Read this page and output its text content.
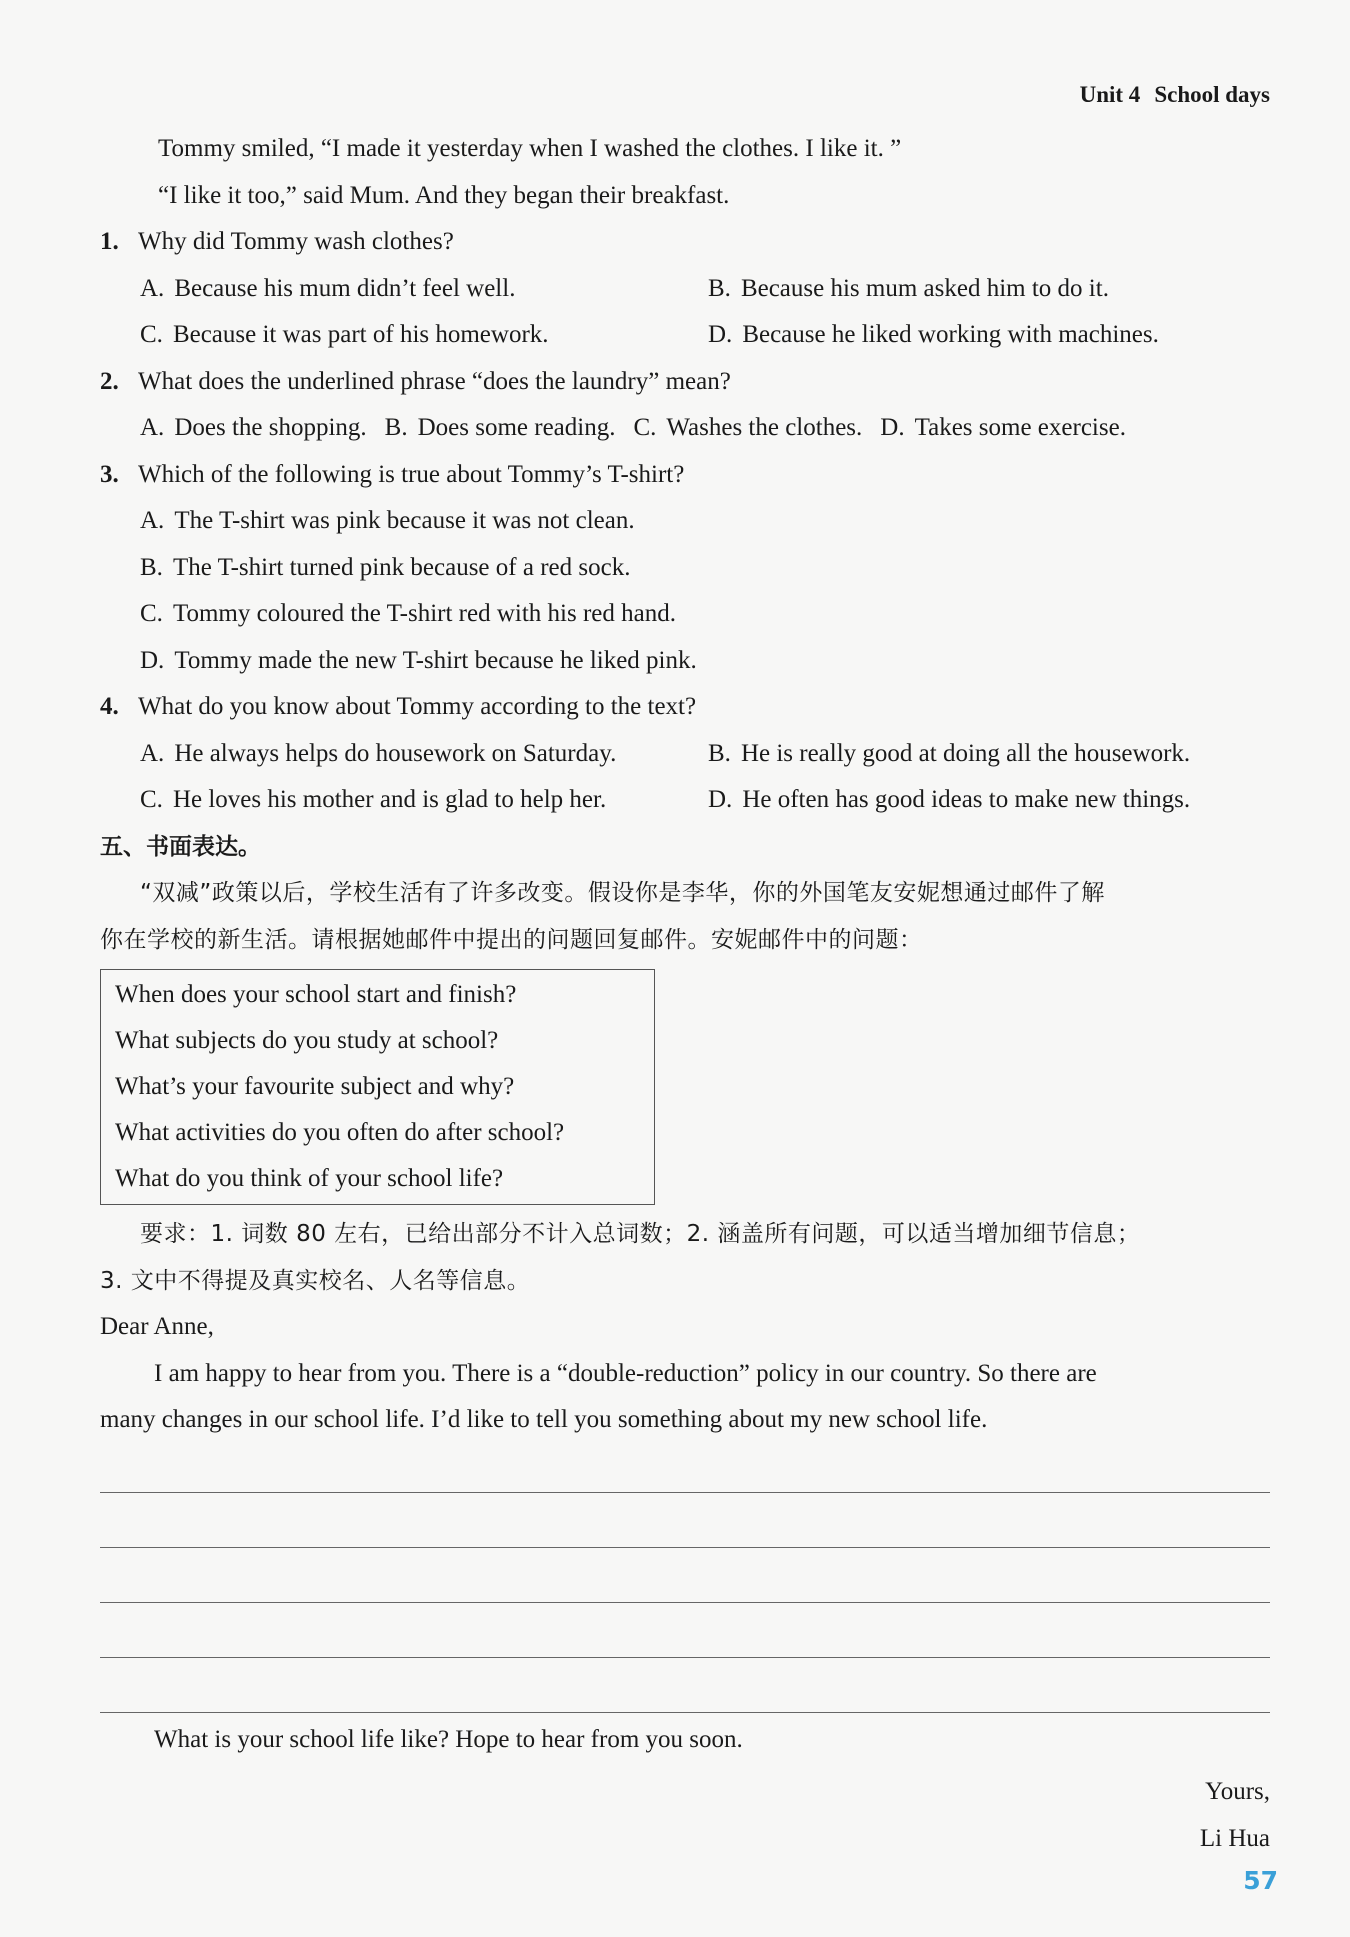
Unit 4 School days
Tommy smiled, “I made it yesterday when I washed the clothes. I like it. ”
“I like it too,” said Mum. And they began their breakfast.
1. Why did Tommy wash clothes?
A. Because his mum didn’t feel well.	B. Because his mum asked him to do it.
C. Because it was part of his homework.	D. Because he liked working with machines.
2. What does the underlined phrase “does the laundry” mean?
A. Does the shopping. B. Does some reading. C. Washes the clothes. D. Takes some exercise.
3. Which of the following is true about Tommy’s T-shirt?
A. The T-shirt was pink because it was not clean.
B. The T-shirt turned pink because of a red sock.
C. Tommy coloured the T-shirt red with his red hand.
D. Tommy made the new T-shirt because he liked pink.
4. What do you know about Tommy according to the text?
A. He always helps do housework on Saturday.	B. He is really good at doing all the housework.
C. He loves his mother and is glad to help her.	D. He often has good ideas to make new things.
五、书面表达。
“双减”政策以后，学校生活有了许多改变。假设你是李华，你的外国笔友安妮想通过邮件了解
你在学校的新生活。请根据她邮件中提出的问题回复邮件。安妮邮件中的问题：
When does your school start and finish?
What subjects do you study at school?
What’s your favourite subject and why?
What activities do you often do after school?
What do you think of your school life?
要求：1. 词数 80 左右，已给出部分不计入总词数；2. 涵盖所有问题，可以适当增加细节信息；
3. 文中不得提及真实校名、人名等信息。
Dear Anne,
I am happy to hear from you. There is a “double-reduction” policy in our country. So there are
many changes in our school life. I’d like to tell you something about my new school life.
What is your school life like? Hope to hear from you soon.
Yours,
Li Hua
57
